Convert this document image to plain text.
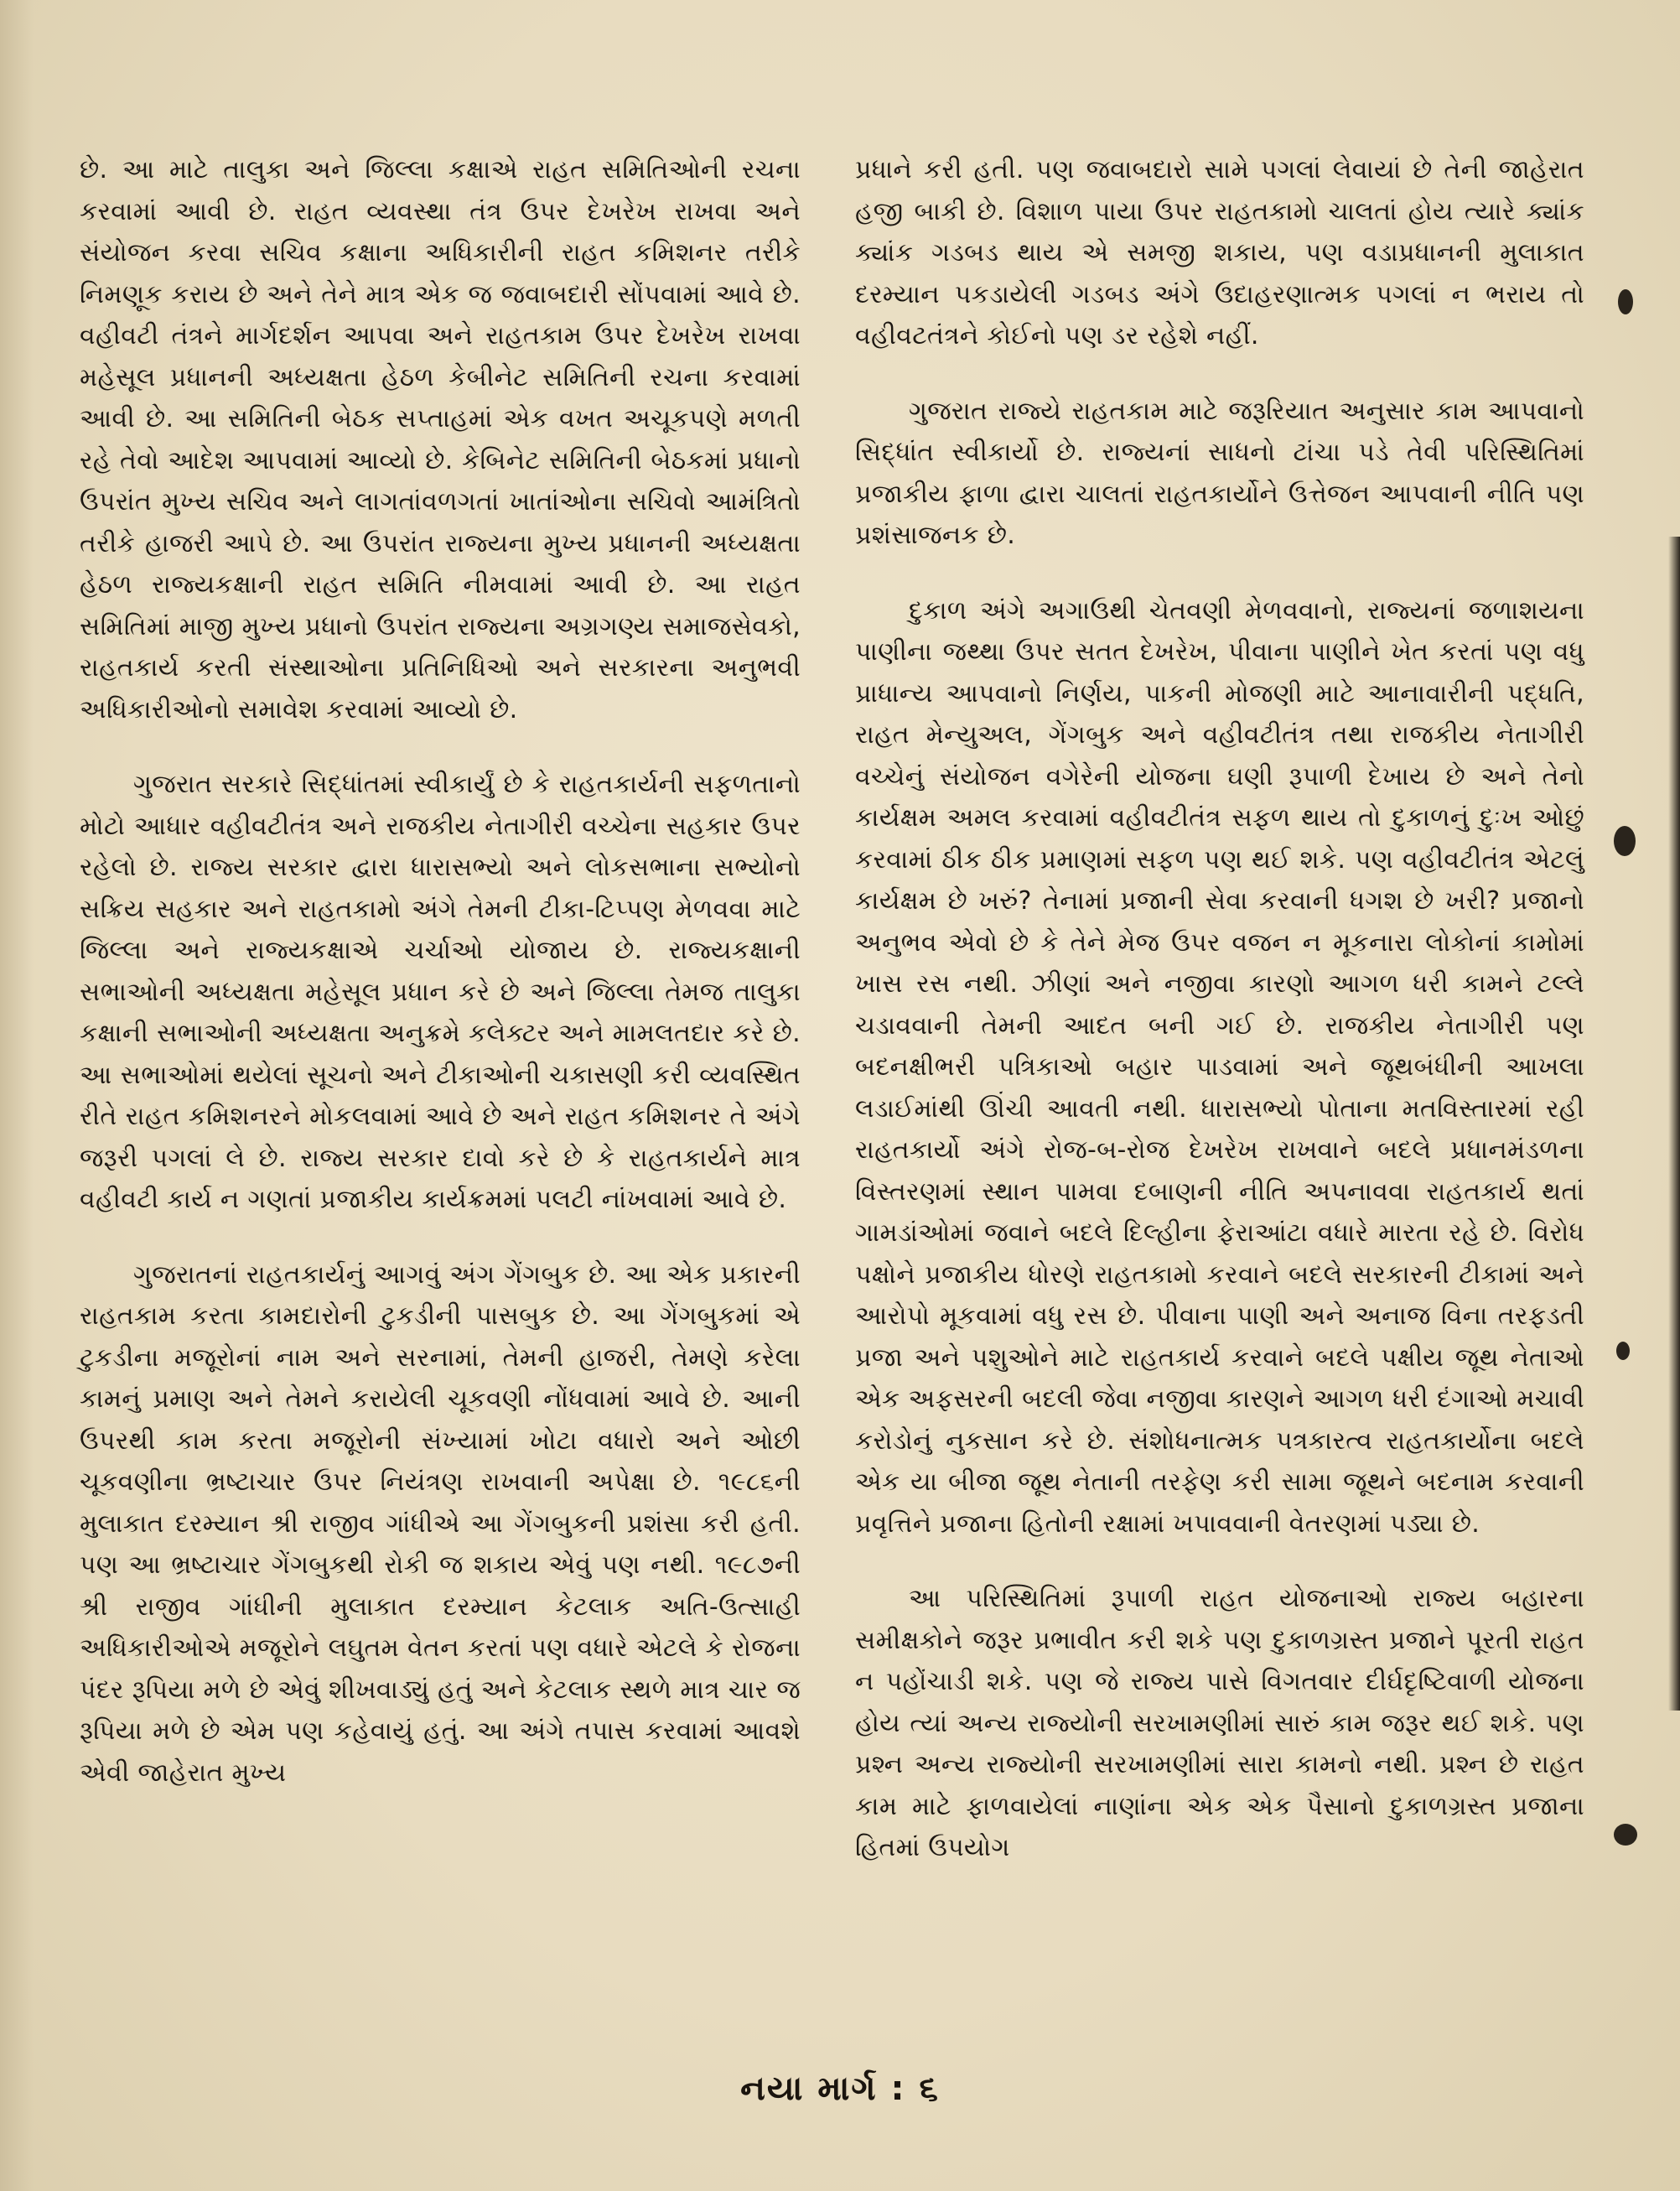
છે. આ માટે તાલુકા અને જિલ્લા કક્ષાએ રાહત સમિતિઓની રચના કરવામાં આવી છે. રાહત વ્યવસ્થા તંત્ર ઉપર દેખરેખ રાખવા અને સંયોજન કરવા સચિવ કક્ષાના અધિકારીની રાહત કમિશનર તરીકે નિમણૂક કરાય છે અને તેને માત્ર એક જ જવાબદારી સોંપવામાં આવે છે. વહીવટી તંત્રને માર્ગદર્શન આપવા અને રાહતકામ ઉપર દેખરેખ રાખવા મહેસૂલ પ્રધાનની અધ્યક્ષતા હેઠળ કેબીનેટ સમિતિની રચના કરવામાં આવી છે. આ સમિતિની બેઠક સપ્તાહમાં એક વખત અચૂકપણે મળતી રહે તેવો આદેશ આપવામાં આવ્યો છે. કેબિનેટ સમિતિની બેઠકમાં પ્રધાનો ઉપરાંત મુખ્ય સચિવ અને લાગતાંવળગતાં ખાતાંઓના સચિવો આમંત્રિતો તરીકે હાજરી આપે છે. આ ઉપરાંત રાજ્યના મુખ્ય પ્રધાનની અધ્યક્ષતા હેઠળ રાજ્યકક્ષાની રાહત સમિતિ નીમવામાં આવી છે. આ રાહત સમિતિમાં માજી મુખ્ય પ્રધાનો ઉપરાંત રાજ્યના અગ્રગણ્ય સમાજસેવકો, રાહતકાર્ય કરતી સંસ્થાઓના પ્રતિનિધિઓ અને સરકારના અનુભવી અધિકારીઓનો સમાવેશ કરવામાં આવ્યો છે.

ગુજરાત સરકારે સિદ્ધાંતમાં સ્વીકાર્યું છે કે રાહતકાર્યની સફળતાનો મોટો આધાર વહીવટીતંત્ર અને રાજકીય નેતાગીરી વચ્ચેના સહકાર ઉપર રહેલો છે. રાજ્ય સરકાર દ્વારા ધારાસભ્યો અને લોકસભાના સભ્યોનો સક્રિય સહકાર અને રાહતકામો અંગે તેમની ટીકા-ટિપ્પણ મેળવવા માટે જિલ્લા અને રાજ્યકક્ષાએ ચર્ચાઓ યોજાય છે. રાજ્યકક્ષાની સભાઓની અધ્યક્ષતા મહેસૂલ પ્રધાન કરે છે અને જિલ્લા તેમજ તાલુકા કક્ષાની સભાઓની અધ્યક્ષતા અનુક્રમે કલેક્ટર અને મામલતદાર કરે છે. આ સભાઓમાં થયેલાં સૂચનો અને ટીકાઓની ચકાસણી કરી વ્યવસ્થિત રીતે રાહત કમિશનરને મોકલવામાં આવે છે અને રાહત કમિશનર તે અંગે જરૂરી પગલાં લે છે. રાજ્ય સરકાર દાવો કરે છે કે રાહતકાર્યને માત્ર વહીવટી કાર્ય ન ગણતાં પ્રજાકીય કાર્યક્રમમાં પલટી નાંખવામાં આવે છે.

ગુજરાતનાં રાહતકાર્યનું આગવું અંગ ગેંગબુક છે. આ એક પ્રકારની રાહતકામ કરતા કામદારોની ટુકડીની પાસબુક છે. આ ગેંગબુકમાં એ ટુકડીના મજૂરોનાં નામ અને સરનામાં, તેમની હાજરી, તેમણે કરેલા કામનું પ્રમાણ અને તેમને કરાયેલી ચૂકવણી નોંધવામાં આવે છે. આની ઉપરથી કામ કરતા મજૂરોની સંખ્યામાં ખોટા વધારો અને ઓછી ચૂકવણીના ભ્રષ્ટાચાર ઉપર નિયંત્રણ રાખવાની અપેક્ષા છે. ૧૯૮૬ની મુલાકાત દરમ્યાન શ્રી રાજીવ ગાંધીએ આ ગેંગબુકની પ્રશંસા કરી હતી. પણ આ ભ્રષ્ટાચાર ગેંગબુકથી રોકી જ શકાય એવું પણ નથી. ૧૯૮૭ની શ્રી રાજીવ ગાંધીની મુલાકાત દરમ્યાન કેટલાક અતિ-ઉત્સાહી અધિકારીઓએ મજૂરોને લઘુતમ વેતન કરતાં પણ વધારે એટલે કે રોજના પંદર રૂપિયા મળે છે એવું શીખવાડ્યું હતું અને કેટલાક સ્થળે માત્ર ચાર જ રૂપિયા મળે છે એમ પણ કહેવાયું હતું. આ અંગે તપાસ કરવામાં આવશે એવી જાહેરાત મુખ્ય

પ્રધાને કરી હતી. પણ જવાબદારો સામે પગલાં લેવાયાં છે તેની જાહેરાત હજી બાકી છે. વિશાળ પાયા ઉપર રાહતકામો ચાલતાં હોય ત્યારે ક્યાંક ક્યાંક ગડબડ થાય એ સમજી શકાય, પણ વડાપ્રધાનની મુલાકાત દરમ્યાન પકડાયેલી ગડબડ અંગે ઉદાહરણાત્મક પગલાં ન ભરાય તો વહીવટતંત્રને કોઈનો પણ ડર રહેશે નહીં.

ગુજરાત રાજ્યે રાહતકામ માટે જરૂરિયાત અનુસાર કામ આપવાનો સિદ્ધાંત સ્વીકાર્યો છે. રાજ્યનાં સાધનો ટાંચા પડે તેવી પરિસ્થિતિમાં પ્રજાકીય ફાળા દ્વારા ચાલતાં રાહતકાર્યોને ઉત્તેજન આપવાની નીતિ પણ પ્રશંસાજનક છે.

દુકાળ અંગે અગાઉથી ચેતવણી મેળવવાનો, રાજ્યનાં જળાશયના પાણીના જથ્થા ઉપર સતત દેખરેખ, પીવાના પાણીને ખેત કરતાં પણ વધુ પ્રાધાન્ય આપવાનો નિર્ણય, પાકની મોજણી માટે આનાવારીની પદ્ધતિ, રાહત મેન્યુઅલ, ગેંગબુક અને વહીવટીતંત્ર તથા રાજકીય નેતાગીરી વચ્ચેનું સંયોજન વગેરેની યોજના ઘણી રૂપાળી દેખાય છે અને તેનો કાર્યક્ષમ અમલ કરવામાં વહીવટીતંત્ર સફળ થાય તો દુકાળનું દુઃખ ઓછું કરવામાં ઠીક ઠીક પ્રમાણમાં સફળ પણ થઈ શકે. પણ વહીવટીતંત્ર એટલું કાર્યક્ષમ છે ખરું? તેનામાં પ્રજાની સેવા કરવાની ધગશ છે ખરી? પ્રજાનો અનુભવ એવો છે કે તેને મેજ ઉપર વજન ન મૂકનારા લોકોનાં કામોમાં ખાસ રસ નથી. ઝીણાં અને નજીવા કારણો આગળ ધરી કામને ટલ્લે ચડાવવાની તેમની આદત બની ગઈ છે. રાજકીય નેતાગીરી પણ બદનક્ષીભરી પત્રિકાઓ બહાર પાડવામાં અને જૂથબંધીની આખલા લડાઈમાંથી ઊંચી આવતી નથી. ધારાસભ્યો પોતાના મતવિસ્તારમાં રહી રાહતકાર્યો અંગે રોજ-બ-રોજ દેખરેખ રાખવાને બદલે પ્રધાનમંડળના વિસ્તરણમાં સ્થાન પામવા દબાણની નીતિ અપનાવવા રાહતકાર્ય થતાં ગામડાંઓમાં જવાને બદલે દિલ્હીના ફેરાઆંટા વધારે મારતા રહે છે. વિરોધ પક્ષોને પ્રજાકીય ધોરણે રાહતકામો કરવાને બદલે સરકારની ટીકામાં અને આરોપો મૂકવામાં વધુ રસ છે. પીવાના પાણી અને અનાજ વિના તરફડતી પ્રજા અને પશુઓને માટે રાહતકાર્ય કરવાને બદલે પક્ષીય જૂથ નેતાઓ એક અફસરની બદલી જેવા નજીવા કારણને આગળ ધરી દંગાઓ મચાવી કરોડોનું નુકસાન કરે છે. સંશોધનાત્મક પત્રકારત્વ રાહતકાર્યોના બદલે એક યા બીજા જૂથ નેતાની તરફેણ કરી સામા જૂથને બદનામ કરવાની પ્રવૃત્તિને પ્રજાના હિતોની રક્ષામાં ખપાવવાની વેતરણમાં પડ્યા છે.

આ પરિસ્થિતિમાં રૂપાળી રાહત યોજનાઓ રાજ્ય બહારના સમીક્ષકોને જરૂર પ્રભાવીત કરી શકે પણ દુકાળગ્રસ્ત પ્રજાને પૂરતી રાહત ન પહોંચાડી શકે. પણ જે રાજ્ય પાસે વિગતવાર દીર્ઘદૃષ્ટિવાળી યોજના હોય ત્યાં અન્ય રાજ્યોની સરખામણીમાં સારું કામ જરૂર થઈ શકે. પણ પ્રશ્ન અન્ય રાજ્યોની સરખામણીમાં સારા કામનો નથી. પ્રશ્ન છે રાહત કામ માટે ફાળવાયેલાં નાણાંના એક એક પૈસાનો દુકાળગ્રસ્ત પ્રજાના હિતમાં ઉપયોગ

નયા માર્ગ : ૬
